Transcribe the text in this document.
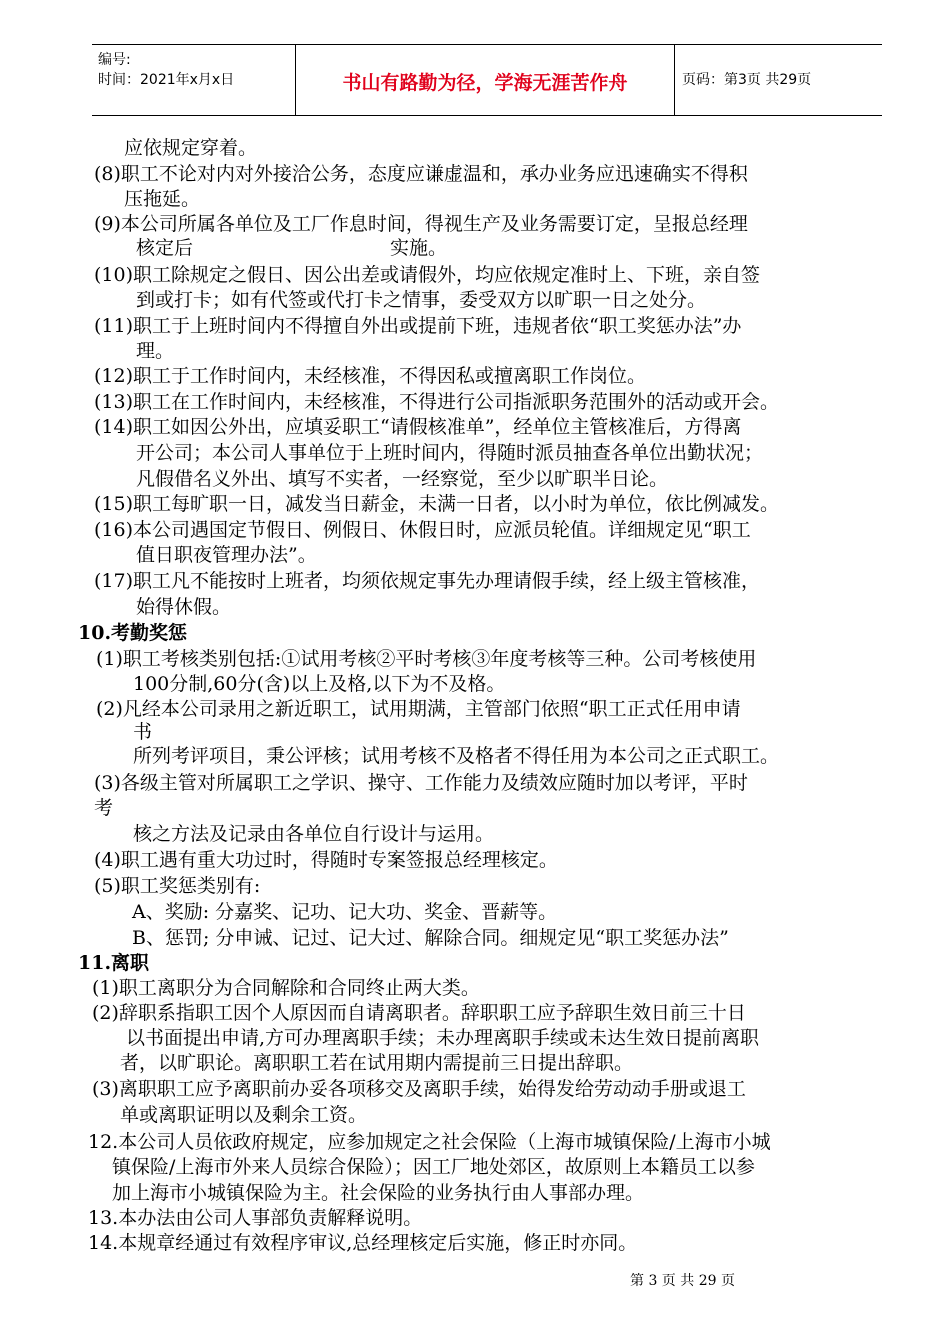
编号:
时间：2021年x月x日	书山有路勤为径，学海无涯苦作舟	页码：第3页 共29页
应依规定穿着。
(8)职工不论对内对外接洽公务，态度应谦虚温和，承办业务应迅速确实不得积
压拖延。
(9)本公司所属各单位及工厂作息时间，得视生产及业务需要订定，呈报总经理
核定后	实施。
(10)职工除规定之假日、因公出差或请假外，均应依规定准时上、下班，亲自签
到或打卡；如有代签或代打卡之情事，委受双方以旷职一日之处分。
(11)职工于上班时间内不得擅自外出或提前下班，违规者依“职工奖惩办法”办
理。
(12)职工于工作时间内，未经核准，不得因私或擅离职工作岗位。
(13)职工在工作时间内，未经核准，不得进行公司指派职务范围外的活动或开会。
(14)职工如因公外出，应填妥职工“请假核准单”，经单位主管核准后，方得离
开公司；本公司人事单位于上班时间内，得随时派员抽查各单位出勤状况；
凡假借名义外出、填写不实者，一经察觉，至少以旷职半日论。
(15)职工每旷职一日，减发当日薪金，未满一日者，以小时为单位，依比例减发。
(16)本公司遇国定节假日、例假日、休假日时，应派员轮值。详细规定见“职工
值日职夜管理办法”。
(17)职工凡不能按时上班者，均须依规定事先办理请假手续，经上级主管核准，
始得休假。
10.考勤奖惩
(1)职工考核类别包括:①试用考核②平时考核③年度考核等三种。公司考核使用
100分制,60分(含)以上及格,以下为不及格。
(2)凡经本公司录用之新近职工，试用期满，主管部门依照“职工正式任用申请
书
所列考评项目，秉公评核；试用考核不及格者不得任用为本公司之正式职工。
(3)各级主管对所属职工之学识、操守、工作能力及绩效应随时加以考评，平时
考
核之方法及记录由各单位自行设计与运用。
(4)职工遇有重大功过时，得随时专案签报总经理核定。
(5)职工奖惩类别有:
A、奖励: 分嘉奖、记功、记大功、奖金、晋薪等。
B、惩罚; 分申诫、记过、记大过、解除合同。细规定见“职工奖惩办法”
11.离职
(1)职工离职分为合同解除和合同终止两大类。
(2)辞职系指职工因个人原因而自请离职者。辞职职工应予辞职生效日前三十日
以书面提出申请,方可办理离职手续；未办理离职手续或未达生效日提前离职
者，以旷职论。离职职工若在试用期内需提前三日提出辞职。
(3)离职职工应予离职前办妥各项移交及离职手续，始得发给劳动动手册或退工
单或离职证明以及剩余工资。
12.本公司人员依政府规定，应参加规定之社会保险（上海市城镇保险/上海市小城
镇保险/上海市外来人员综合保险）；因工厂地处郊区，故原则上本籍员工以参
加上海市小城镇保险为主。社会保险的业务执行由人事部办理。
13.本办法由公司人事部负责解释说明。
14.本规章经通过有效程序审议,总经理核定后实施，修正时亦同。
第 3 页 共 29 页
